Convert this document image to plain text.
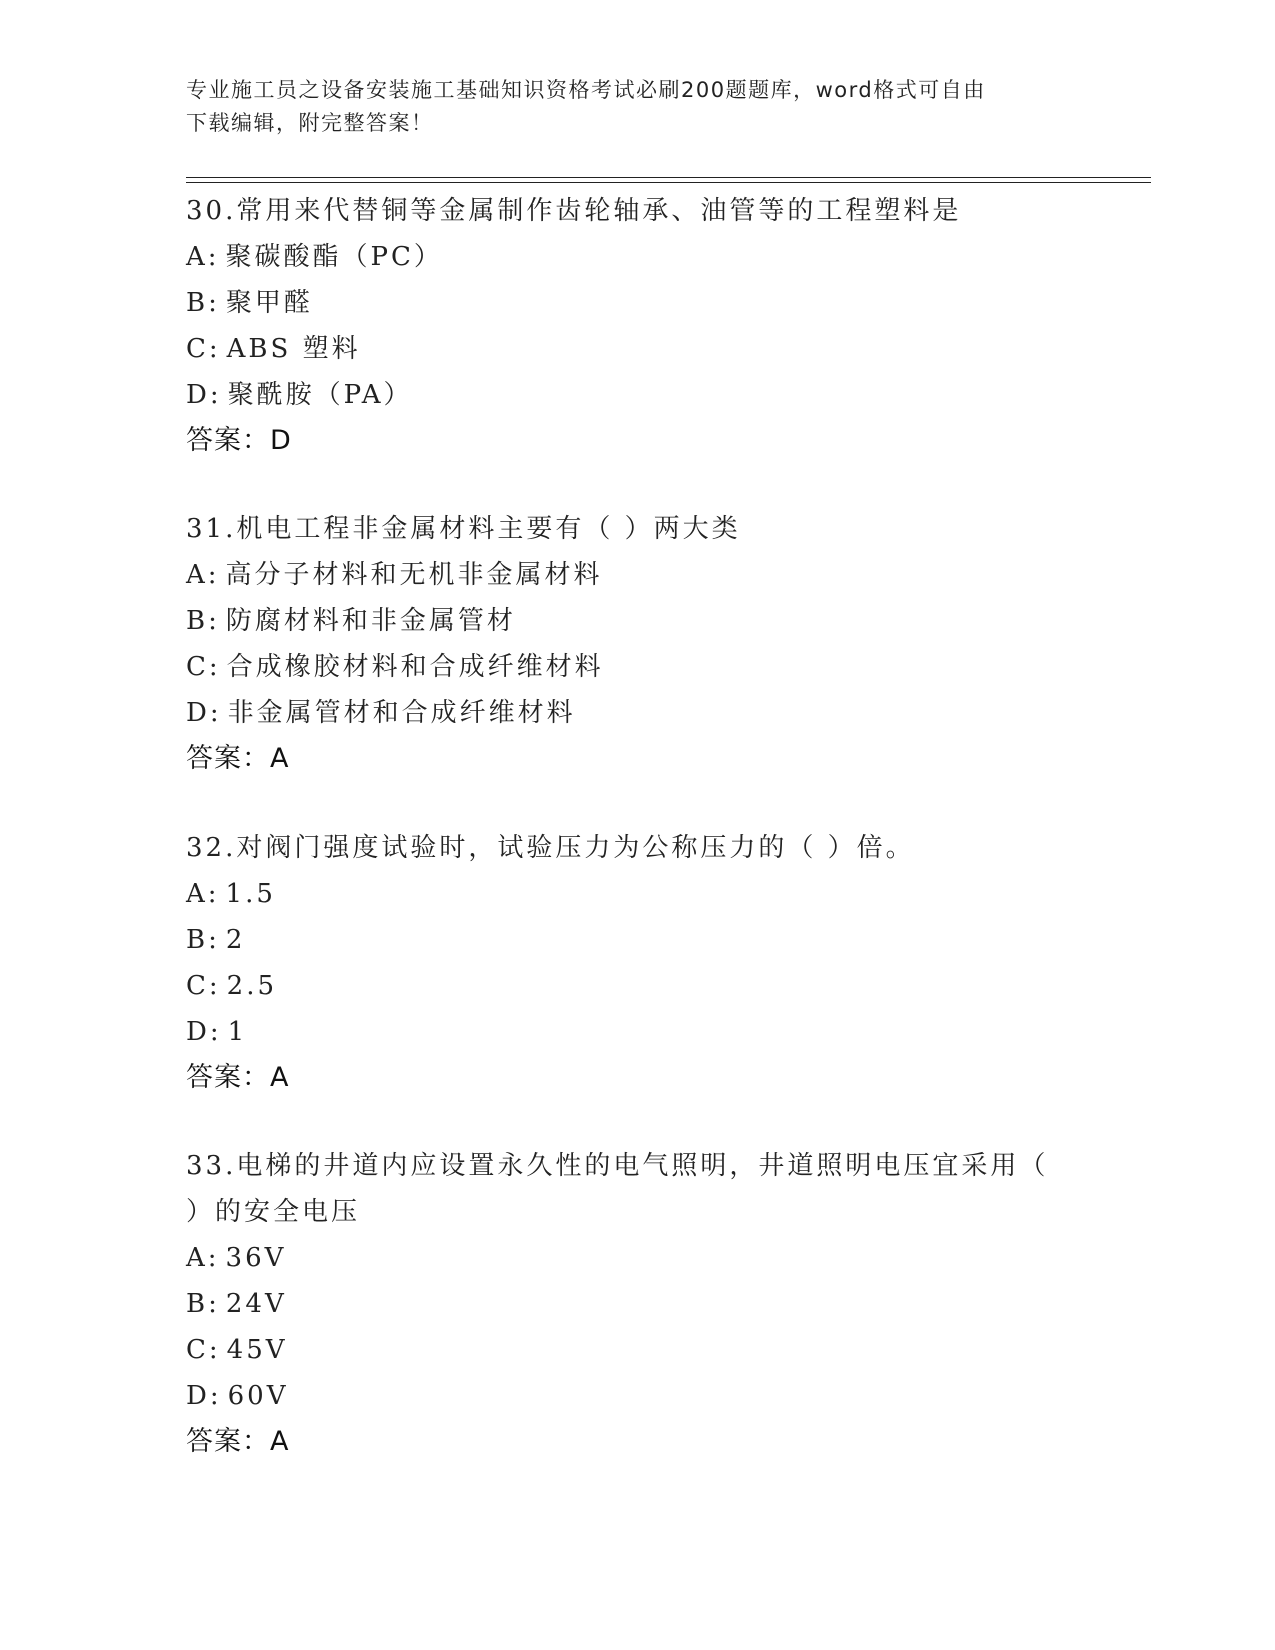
专业施工员之设备安装施工基础知识资格考试必刷200题题库，word格式可自由
下载编辑，附完整答案！
30.常用来代替铜等金属制作齿轮轴承、油管等的工程塑料是
A: 聚碳酸酯（PC）
B: 聚甲醛
C: ABS 塑料
D: 聚酰胺（PA）
答案：D
31.机电工程非金属材料主要有（ ）两大类
A: 高分子材料和无机非金属材料
B: 防腐材料和非金属管材
C: 合成橡胶材料和合成纤维材料
D: 非金属管材和合成纤维材料
答案：A
32.对阀门强度试验时，试验压力为公称压力的（ ）倍。
A: 1.5
B: 2
C: 2.5
D: 1
答案：A
33.电梯的井道内应设置永久性的电气照明，井道照明电压宜采用（
）的安全电压
A: 36V
B: 24V
C: 45V
D: 60V
答案：A
